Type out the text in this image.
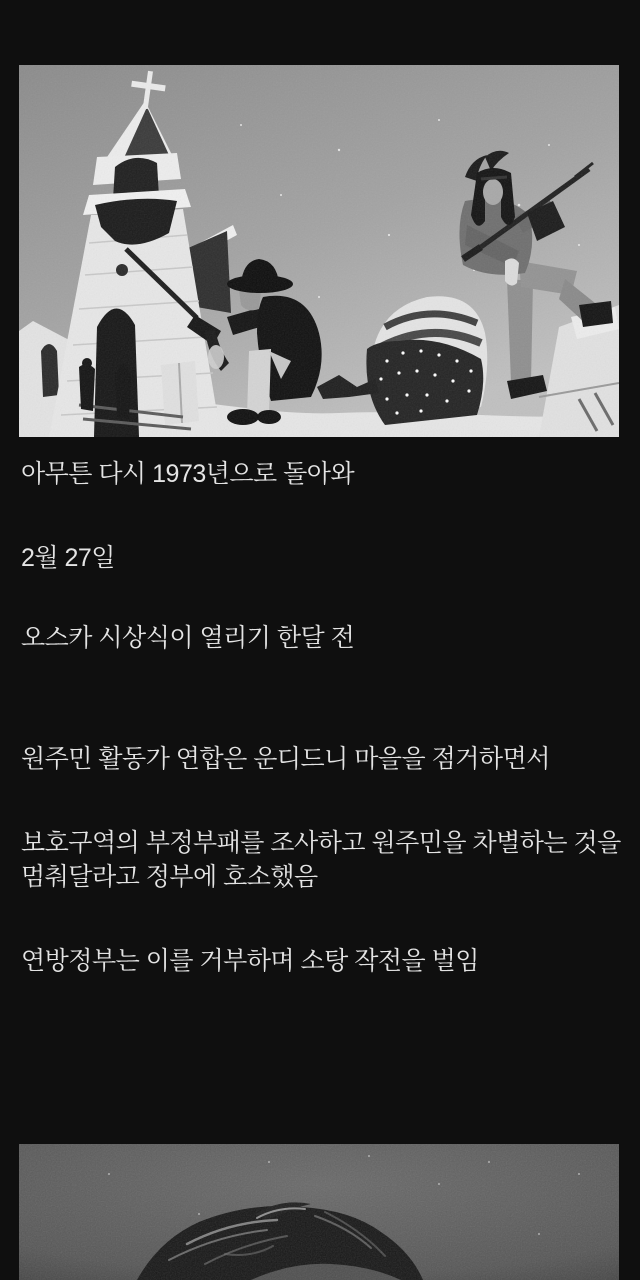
아무튼 다시 1973년으로 돌아와

2월 27일

오스카 시상식이 열리기 한달 전

원주민 활동가 연합은 운디드니 마을을 점거하면서

보호구역의 부정부패를 조사하고 원주민을 차별하는 것을 멈춰달라고 정부에 호소했음

연방정부는 이를 거부하며 소탕 작전을 벌임
